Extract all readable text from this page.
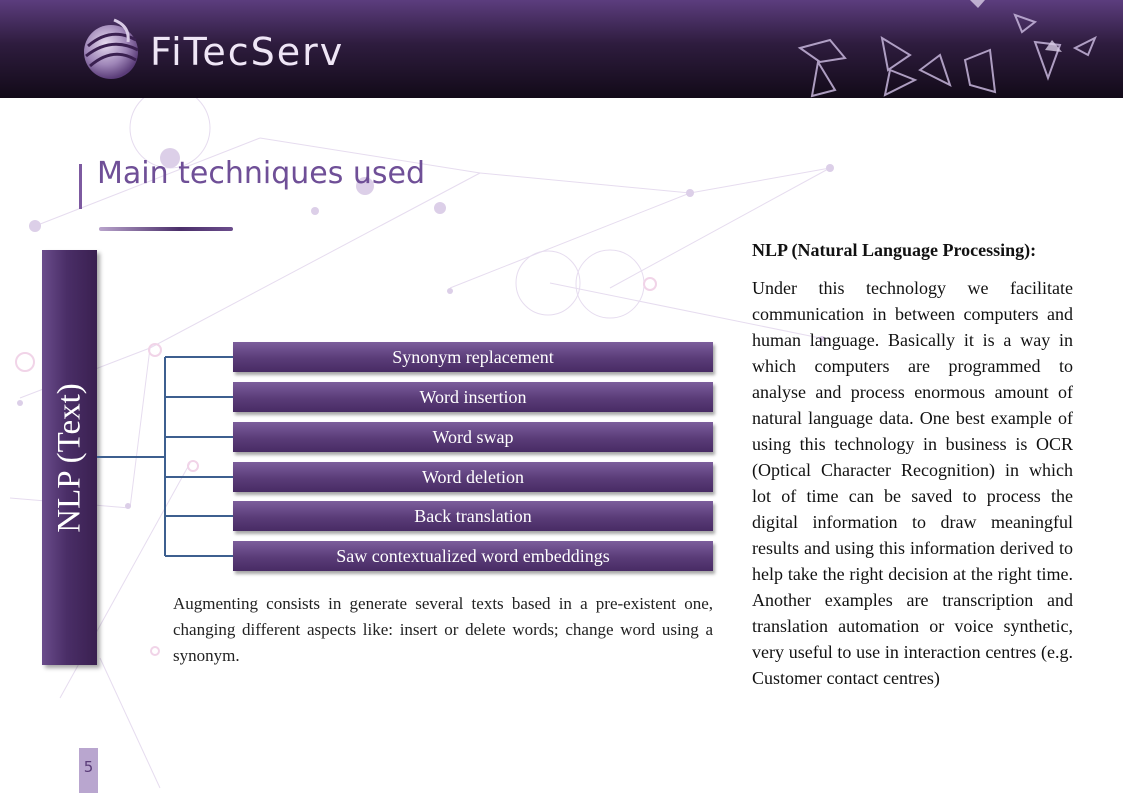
FiTecServ
Main techniques used
NLP (Text)
Synonym replacement
Word insertion
Word swap
Word deletion
Back translation
Saw contextualized word embeddings
Augmenting consists in generate several texts based in a pre-existent one, changing different aspects like: insert or delete words; change word using a synonym.
NLP (Natural Language Processing):
Under this technology we facilitate communication in between computers and human language. Basically it is a way in which computers are programmed to analyse and process enormous amount of natural language data. One best example of using this technology in business is OCR (Optical Character Recognition) in which lot of time can be saved to process the digital information to draw meaningful results and using this information derived to help take the right decision at the right time. Another examples are transcription and translation automation or voice synthetic, very useful to use in interaction centres (e.g. Customer contact centres)
5
